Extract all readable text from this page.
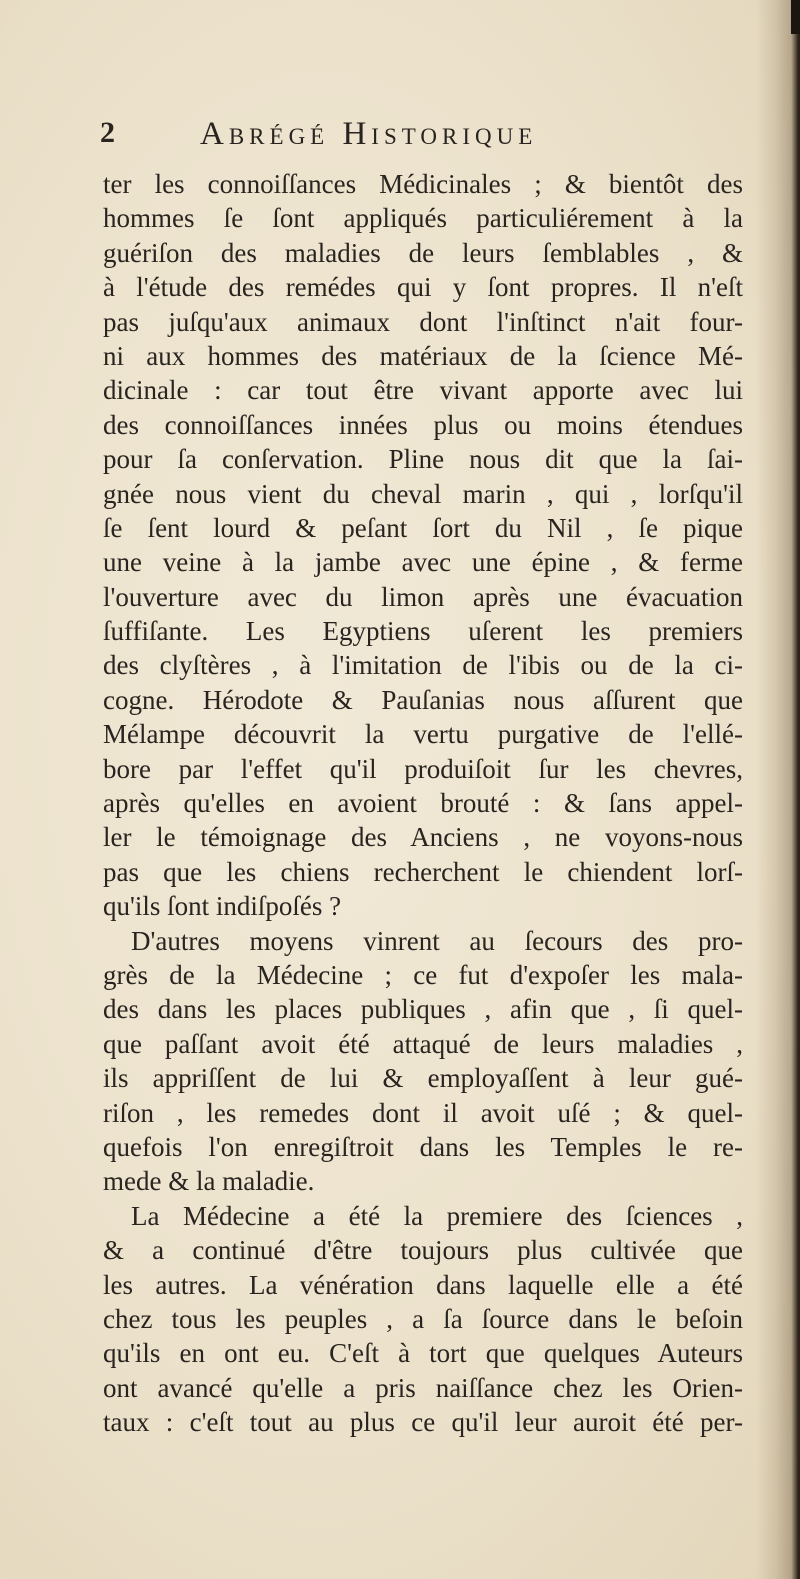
2	Abrégé Historique
ter les connoiſſances Médicinales ; & bientôt des
hommes ſe ſont appliqués particuliérement à la
guériſon des maladies de leurs ſemblables , &
à l'étude des remédes qui y ſont propres. Il n'eſt
pas juſqu'aux animaux dont l'inſtinct n'ait four-
ni aux hommes des matériaux de la ſcience Mé-
dicinale : car tout être vivant apporte avec lui
des connoiſſances innées plus ou moins étendues
pour ſa conſervation. Pline nous dit que la ſai-
gnée nous vient du cheval marin , qui , lorſqu'il
ſe ſent lourd & peſant ſort du Nil , ſe pique
une veine à la jambe avec une épine , & ferme
l'ouverture avec du limon après une évacuation
ſuffiſante. Les Egyptiens uſerent les premiers
des clyſtères , à l'imitation de l'ibis ou de la ci-
cogne. Hérodote & Pauſanias nous aſſurent que
Mélampe découvrit la vertu purgative de l'ellé-
bore par l'effet qu'il produiſoit ſur les chevres,
après qu'elles en avoient brouté : & ſans appel-
ler le témoignage des Anciens , ne voyons-nous
pas que les chiens recherchent le chiendent lorſ-
qu'ils ſont indiſpoſés ?
D'autres moyens vinrent au ſecours des pro-
grès de la Médecine ; ce fut d'expoſer les mala-
des dans les places publiques , afin que , ſi quel-
que paſſant avoit été attaqué de leurs maladies ,
ils appriſſent de lui & employaſſent à leur gué-
riſon , les remedes dont il avoit uſé ; & quel-
quefois l'on enregiſtroit dans les Temples le re-
mede & la maladie.
La Médecine a été la premiere des ſciences ,
& a continué d'être toujours plus cultivée que
les autres. La vénération dans laquelle elle a été
chez tous les peuples , a ſa ſource dans le beſoin
qu'ils en ont eu. C'eſt à tort que quelques Auteurs
ont avancé qu'elle a pris naiſſance chez les Orien-
taux : c'eſt tout au plus ce qu'il leur auroit été per-
